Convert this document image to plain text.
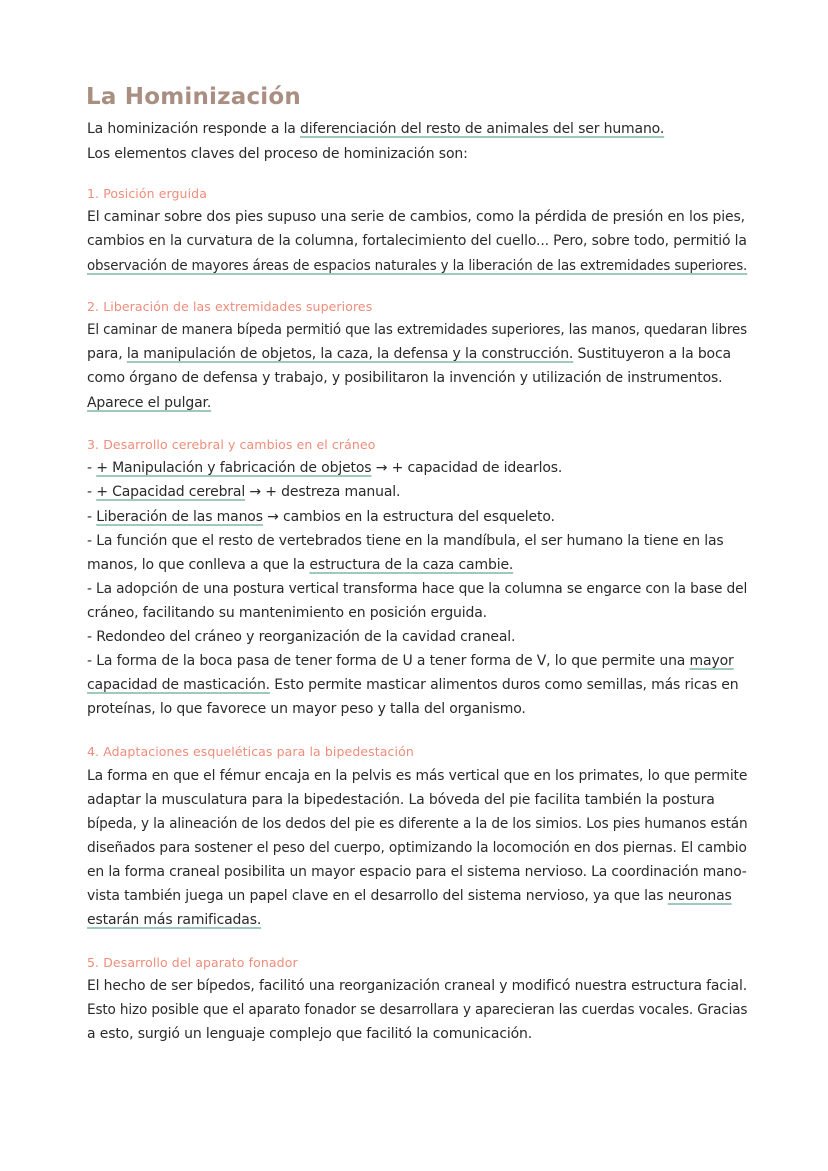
La Hominización
La hominización responde a la diferenciación del resto de animales del ser humano.
Los elementos claves del proceso de hominización son:
1. Posición erguida
El caminar sobre dos pies supuso una serie de cambios, como la pérdida de presión en los pies,
cambios en la curvatura de la columna, fortalecimiento del cuello... Pero, sobre todo, permitió la
observación de mayores áreas de espacios naturales y la liberación de las extremidades superiores.
2. Liberación de las extremidades superiores
El caminar de manera bípeda permitió que las extremidades superiores, las manos, quedaran libres
para, la manipulación de objetos, la caza, la defensa y la construcción. Sustituyeron a la boca
como órgano de defensa y trabajo, y posibilitaron la invención y utilización de instrumentos.
Aparece el pulgar.
3. Desarrollo cerebral y cambios en el cráneo
- + Manipulación y fabricación de objetos → + capacidad de idearlos.
- + Capacidad cerebral → + destreza manual.
- Liberación de las manos → cambios en la estructura del esqueleto.
- La función que el resto de vertebrados tiene en la mandíbula, el ser humano la tiene en las
manos, lo que conlleva a que la estructura de la caza cambie.
- La adopción de una postura vertical transforma hace que la columna se engarce con la base del
cráneo, facilitando su mantenimiento en posición erguida.
- Redondeo del cráneo y reorganización de la cavidad craneal.
- La forma de la boca pasa de tener forma de U a tener forma de V, lo que permite una mayor
capacidad de masticación. Esto permite masticar alimentos duros como semillas, más ricas en
proteínas, lo que favorece un mayor peso y talla del organismo.
4. Adaptaciones esqueléticas para la bipedestación
La forma en que el fémur encaja en la pelvis es más vertical que en los primates, lo que permite
adaptar la musculatura para la bipedestación. La bóveda del pie facilita también la postura
bípeda, y la alineación de los dedos del pie es diferente a la de los simios. Los pies humanos están
diseñados para sostener el peso del cuerpo, optimizando la locomoción en dos piernas. El cambio
en la forma craneal posibilita un mayor espacio para el sistema nervioso. La coordinación mano-
vista también juega un papel clave en el desarrollo del sistema nervioso, ya que las neuronas
estarán más ramificadas.
5. Desarrollo del aparato fonador
El hecho de ser bípedos, facilitó una reorganización craneal y modificó nuestra estructura facial.
Esto hizo posible que el aparato fonador se desarrollara y aparecieran las cuerdas vocales. Gracias
a esto, surgió un lenguaje complejo que facilitó la comunicación.
